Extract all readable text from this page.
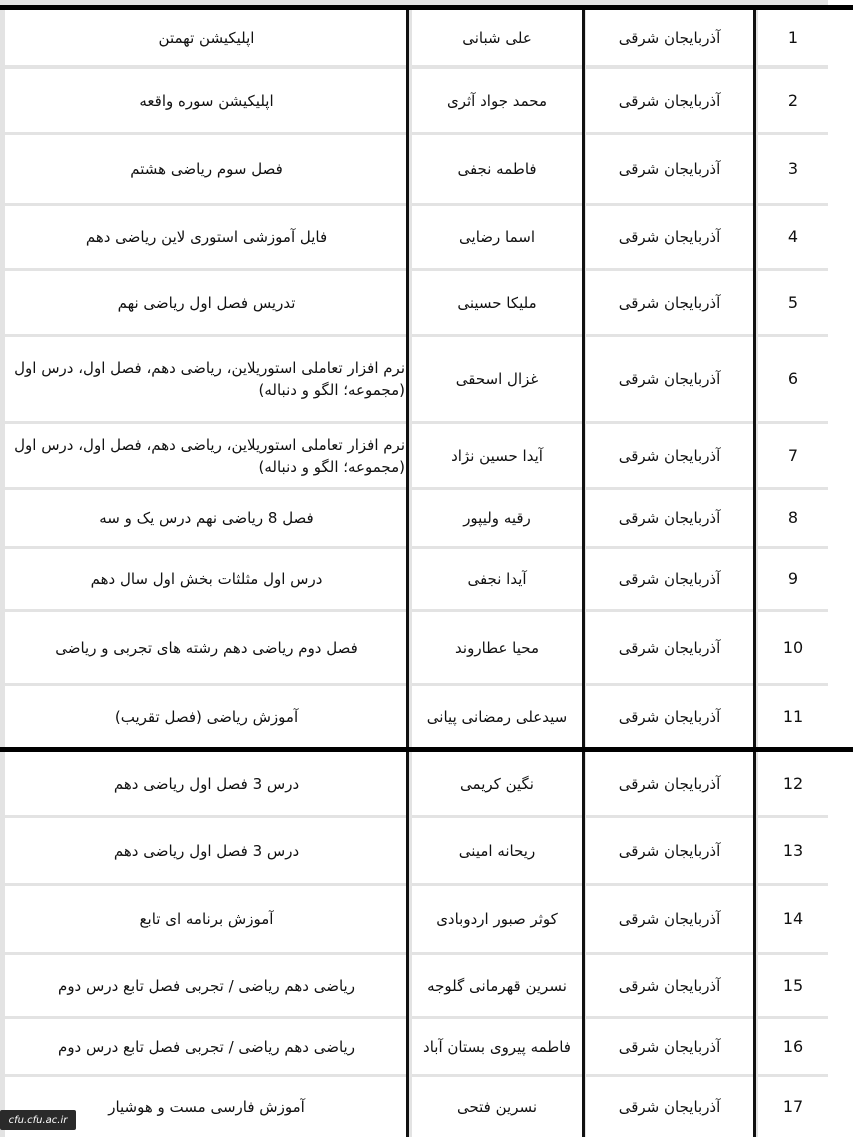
1
آذربایجان شرقی
علی شبانی
اپلیکیشن تهمتن
2
آذربایجان شرقی
محمد جواد آثری
اپلیکیشن سوره واقعه
3
آذربایجان شرقی
فاطمه نجفی
فصل سوم ریاضی هشتم
4
آذربایجان شرقی
اسما رضایی
فایل آموزشی استوری لاین ریاضی دهم
5
آذربایجان شرقی
ملیکا حسینی
تدریس فصل اول ریاضی نهم
6
آذربایجان شرقی
غزال اسحقی
نرم افزار تعاملی استوریلاین، ریاضی دهم، فصل اول، درس اول (مجموعه؛ الگو و دنباله)
7
آذربایجان شرقی
آیدا حسین نژاد
نرم افزار تعاملی استوریلاین، ریاضی دهم، فصل اول، درس اول (مجموعه؛ الگو و دنباله)
8
آذربایجان شرقی
رقیه ولیپور
فصل 8 ریاضی نهم درس یک و سه
9
آذربایجان شرقی
آیدا نجفی
درس اول مثلثات بخش اول سال دهم
10
آذربایجان شرقی
محیا عطاروند
فصل دوم ریاضی دهم رشته های تجربی و ریاضی
11
آذربایجان شرقی
سیدعلی رمضانی پیانی
آموزش ریاضی (فصل تقریب)
12
آذربایجان شرقی
نگین کریمی
درس 3 فصل اول ریاضی دهم
13
آذربایجان شرقی
ریحانه امینی
درس 3 فصل اول ریاضی دهم
14
آذربایجان شرقی
کوثر صبور اردوبادی
آموزش برنامه ای تابع
15
آذربایجان شرقی
نسرین قهرمانی گلوجه
ریاضی دهم ریاضی / تجربی فصل تابع درس دوم
16
آذربایجان شرقی
فاطمه پیروی بستان آباد
ریاضی دهم ریاضی / تجربی فصل تابع درس دوم
17
آذربایجان شرقی
نسرین فتحی
آموزش فارسی مست و هوشیار
cfu.cfu.ac.ir
